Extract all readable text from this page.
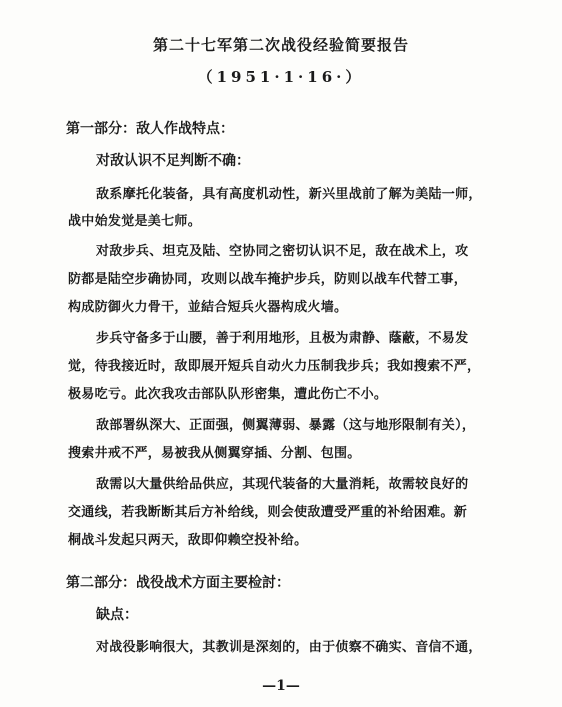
第二十七军第二次战役经验简要报告
（1951·1·16·）
第一部分：敌人作战特点：
对敌认识不足判断不确：
敌系摩托化装备，具有高度机动性，新兴里战前了解为美陆一师，
战中始发觉是美七师。
对敌步兵、坦克及陆、空协同之密切认识不足，敌在战术上，攻
防都是陆空步确协同，攻则以战车掩护步兵，防则以战车代替工事，
构成防御火力骨干，並結合短兵火器构成火墙。
步兵守备多于山腰，善于利用地形，且极为肃静、蔭蔽，不易发
觉，待我接近时，敌即展开短兵自动火力压制我步兵；我如搜索不严，
极易吃亏。此次我攻击部队队形密集，遭此伤亡不小。
敌部署纵深大、正面强，侧翼薄弱、暴露（这与地形限制有关），
搜索井戒不严，易被我从侧翼穿插、分割、包围。
敌需以大量供给品供应，其现代装备的大量消耗，故需较良好的
交通线，若我断断其后方补给线，则会使敌遭受严重的补给困难。新
桐战斗发起只两天，敌即仰赖空投补给。
第二部分：战役战术方面主要检討：
缺点：
对战役影响很大，其教训是深刻的，由于侦察不确实、音信不通，
—1—
